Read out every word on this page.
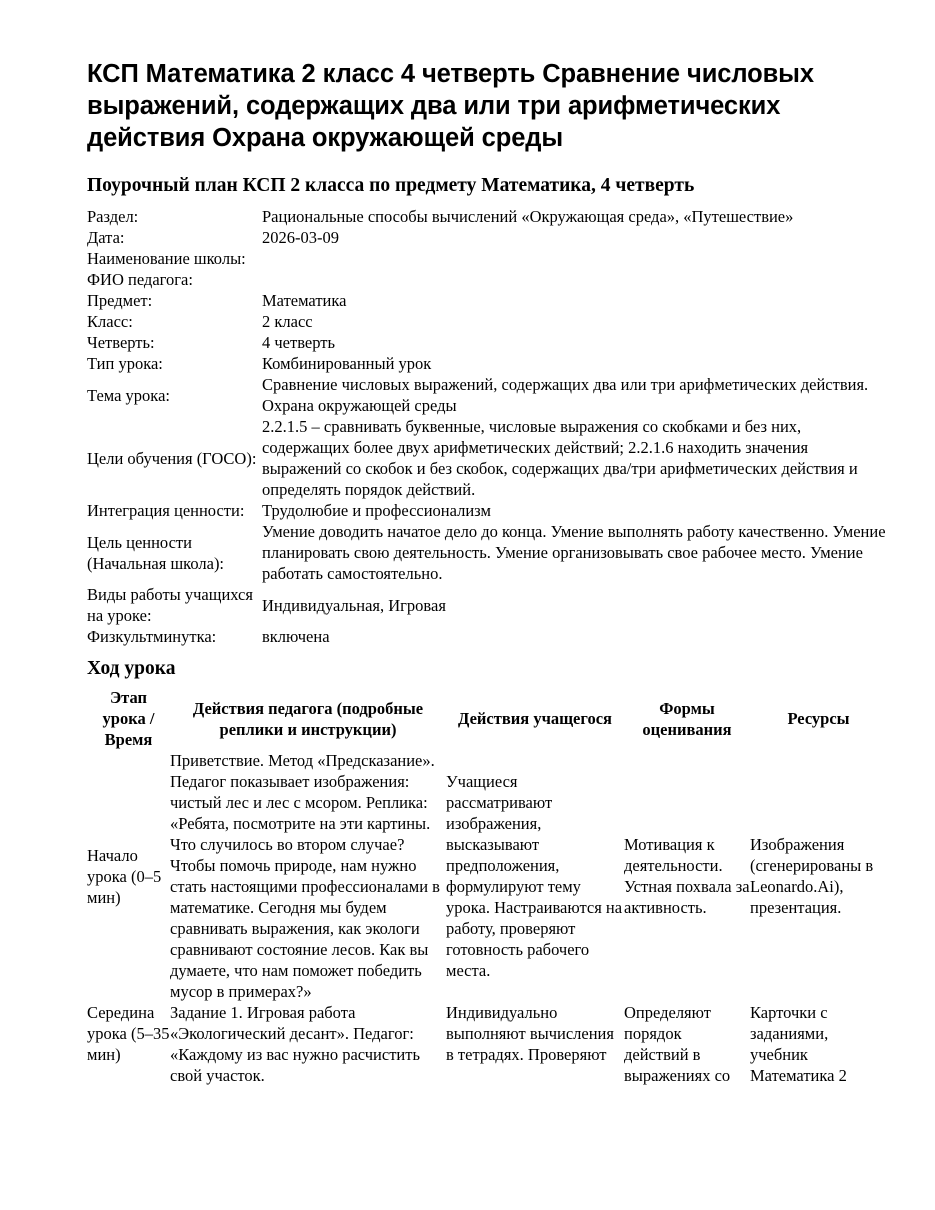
КСП Математика 2 класс 4 четверть Сравнение числовых выражений, содержащих два или три арифметических действия Охрана окружающей среды
Поурочный план КСП 2 класса по предмету Математика, 4 четверть
Раздел:	Рациональные способы вычислений «Окружающая среда», «Путешествие»
Дата:	2026-03-09
Наименование школы:	
ФИО педагога:	
Предмет:	Математика
Класс:	2 класс
Четверть:	4 четверть
Тип урока:	Комбинированный урок
Тема урока:	Сравнение числовых выражений, содержащих два или три арифметических действия. Охрана окружающей среды
Цели обучения (ГОСО):	2.2.1.5 – сравнивать буквенные, числовые выражения со скобками и без них, содержащих более двух арифметических действий; 2.2.1.6 находить значения выражений со скобок и без скобок, содержащих два/три арифметических действия и определять порядок действий.
Интеграция ценности:	Трудолюбие и профессионализм
Цель ценности (Начальная школа):	Умение доводить начатое дело до конца. Умение выполнять работу качественно. Умение планировать свою деятельность. Умение организовывать свое рабочее место. Умение работать самостоятельно.
Виды работы учащихся на уроке:	Индивидуальная, Игровая
Физкультминутка:	включена
Ход урока
Этап урока / Время	Действия педагога (подробные реплики и инструкции)	Действия учащегося	Формы оценивания	Ресурсы
Начало урока (0–5 мин)	Приветствие. Метод «Предсказание». Педагог показывает изображения: чистый лес и лес с мсором. Реплика: «Ребята, посмотрите на эти картины. Что случилось во втором случае? Чтобы помочь природе, нам нужно стать настоящими профессионалами в математике. Сегодня мы будем сравнивать выражения, как экологи сравнивают состояние лесов. Как вы думаете, что нам поможет победить мусор в примерах?»	Учащиеся рассматривают изображения, высказывают предположения, формулируют тему урока. Настраиваются на работу, проверяют готовность рабочего места.	Мотивация к деятельности. Устная похвала за активность.	Изображения (сгенерированы в Leonardo.Ai), презентация.
Середина урока (5–35 мин)	Задание 1. Игровая работа «Экологический десант». Педагог: «Каждому из вас нужно расчистить свой участок.	Индивидуально выполняют вычисления в тетрадях. Проверяют	Определяют порядок действий в выражениях со	Карточки с заданиями, учебник Математика 2
